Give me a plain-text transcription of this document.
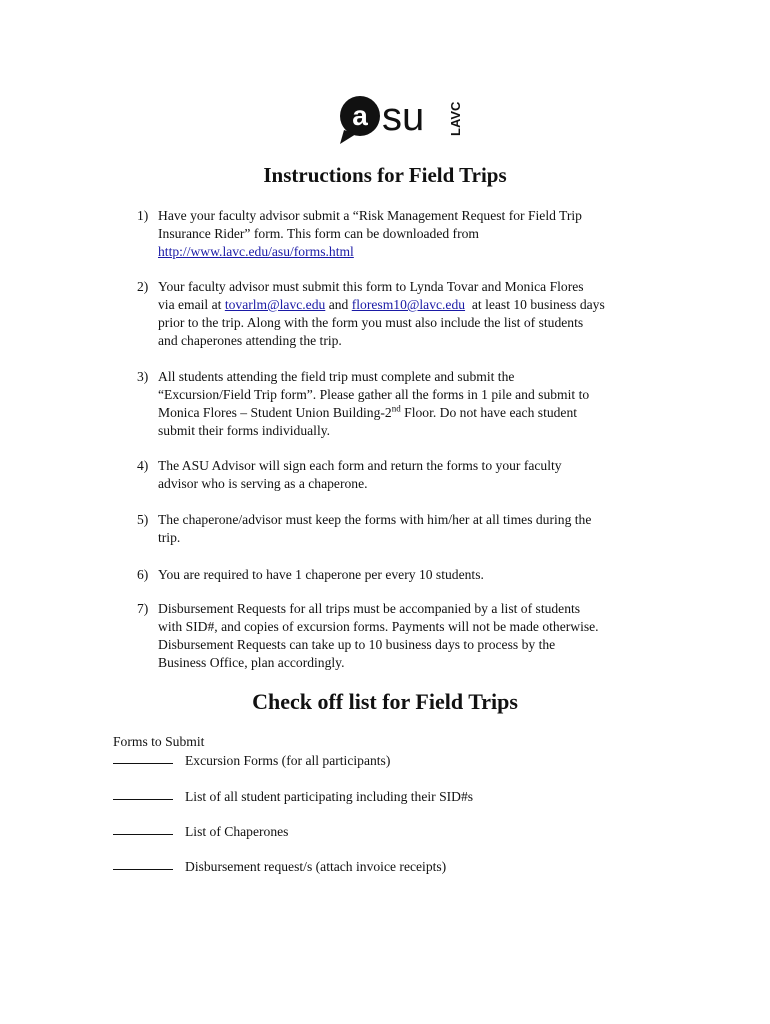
a su LAVC
Instructions for Field Trips
1) Have your faculty advisor submit a “Risk Management Request for Field Trip
Insurance Rider” form. This form can be downloaded from
http://www.lavc.edu/asu/forms.html
2) Your faculty advisor must submit this form to Lynda Tovar and Monica Flores
via email at tovarlm@lavc.edu and floresm10@lavc.edu at least 10 business days
prior to the trip. Along with the form you must also include the list of students
and chaperones attending the trip.
3) All students attending the field trip must complete and submit the
“Excursion/Field Trip form”. Please gather all the forms in 1 pile and submit to
Monica Flores – Student Union Building-2nd Floor. Do not have each student
submit their forms individually.
4) The ASU Advisor will sign each form and return the forms to your faculty
advisor who is serving as a chaperone.
5) The chaperone/advisor must keep the forms with him/her at all times during the
trip.
6) You are required to have 1 chaperone per every 10 students.
7) Disbursement Requests for all trips must be accompanied by a list of students
with SID#, and copies of excursion forms. Payments will not be made otherwise.
Disbursement Requests can take up to 10 business days to process by the
Business Office, plan accordingly.
Check off list for Field Trips
Forms to Submit
Excursion Forms (for all participants)
List of all student participating including their SID#s
List of Chaperones
Disbursement request/s (attach invoice receipts)
